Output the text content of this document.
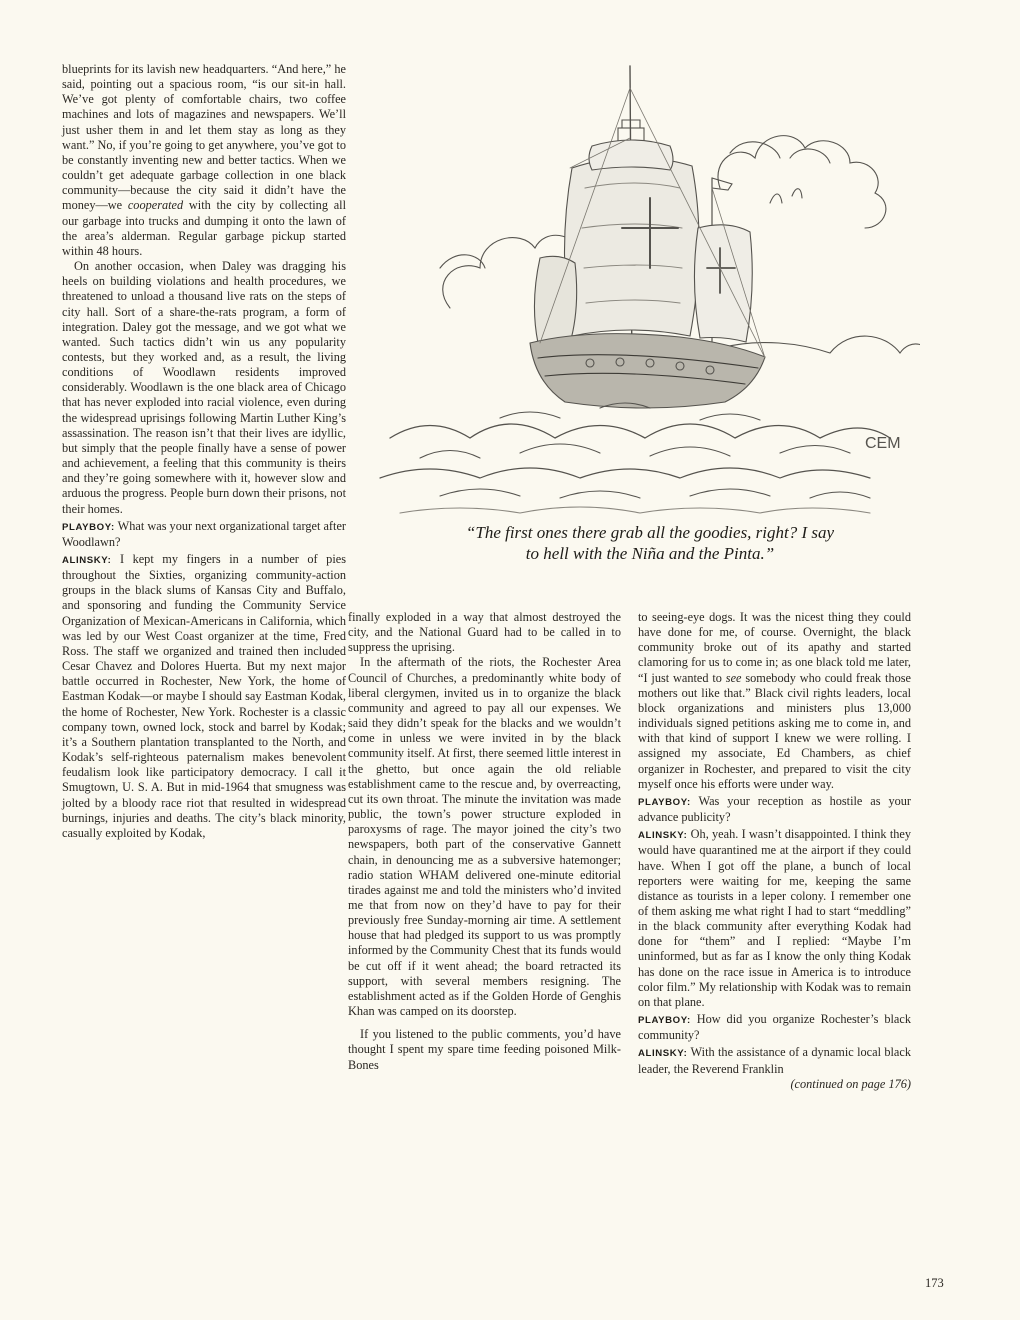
blueprints for its lavish new headquarters. “And here,” he said, pointing out a spacious room, “is our sit-in hall. We’ve got plenty of comfortable chairs, two coffee machines and lots of magazines and newspapers. We’ll just usher them in and let them stay as long as they want.” No, if you’re going to get anywhere, you’ve got to be constantly inventing new and better tactics. When we couldn’t get adequate garbage collection in one black community—because the city said it didn’t have the money—we cooperated with the city by collecting all our garbage into trucks and dumping it onto the lawn of the area’s alderman. Regular garbage pickup started within 48 hours.

On another occasion, when Daley was dragging his heels on building violations and health procedures, we threatened to unload a thousand live rats on the steps of city hall. Sort of a share-the-rats program, a form of integration. Daley got the message, and we got what we wanted. Such tactics didn’t win us any popularity contests, but they worked and, as a result, the living conditions of Woodlawn residents improved considerably. Woodlawn is the one black area of Chicago that has never exploded into racial violence, even during the widespread uprisings following Martin Luther King’s assassination. The reason isn’t that their lives are idyllic, but simply that the people finally have a sense of power and achievement, a feeling that this community is theirs and they’re going somewhere with it, however slow and arduous the progress. People burn down their prisons, not their homes.

PLAYBOY: What was your next organizational target after Woodlawn?

ALINSKY: I kept my fingers in a number of pies throughout the Sixties, organizing community-action groups in the black slums of Kansas City and Buffalo, and sponsoring and funding the Community Service Organization of Mexican-Americans in California, which was led by our West Coast organizer at the time, Fred Ross. The staff we organized and trained then included Cesar Chavez and Dolores Huerta. But my next major battle occurred in Rochester, New York, the home of Eastman Kodak—or maybe I should say Eastman Kodak, the home of Rochester, New York. Rochester is a classic company town, owned lock, stock and barrel by Kodak; it’s a Southern plantation transplanted to the North, and Kodak’s self-righteous paternalism makes benevolent feudalism look like participatory democracy. I call it Smugtown, U. S. A. But in mid-1964 that smugness was jolted by a bloody race riot that resulted in widespread burnings, injuries and deaths. The city’s black minority, casually exploited by Kodak,

CEM
“The first ones there grab all the goodies, right? I say
to hell with the Niña and the Pinta.”

finally exploded in a way that almost destroyed the city, and the National Guard had to be called in to suppress the uprising.

In the aftermath of the riots, the Rochester Area Council of Churches, a predominantly white body of liberal clergymen, invited us in to organize the black community and agreed to pay all our expenses. We said they didn’t speak for the blacks and we wouldn’t come in unless we were invited in by the black community itself. At first, there seemed little interest in the ghetto, but once again the old reliable establishment came to the rescue and, by overreacting, cut its own throat. The minute the invitation was made public, the town’s power structure exploded in paroxysms of rage. The mayor joined the city’s two newspapers, both part of the conservative Gannett chain, in denouncing me as a subversive hatemonger; radio station WHAM delivered one-minute editorial tirades against me and told the ministers who’d invited me that from now on they’d have to pay for their previously free Sunday-morning air time. A settlement house that had pledged its support to us was promptly informed by the Community Chest that its funds would be cut off if it went ahead; the board retracted its support, with several members resigning. The establishment acted as if the Golden Horde of Genghis Khan was camped on its doorstep.

If you listened to the public comments, you’d have thought I spent my spare time feeding poisoned Milk-Bones

to seeing-eye dogs. It was the nicest thing they could have done for me, of course. Overnight, the black community broke out of its apathy and started clamoring for us to come in; as one black told me later, “I just wanted to see somebody who could freak those mothers out like that.” Black civil rights leaders, local block organizations and ministers plus 13,000 individuals signed petitions asking me to come in, and with that kind of support I knew we were rolling. I assigned my associate, Ed Chambers, as chief organizer in Rochester, and prepared to visit the city myself once his efforts were under way.

PLAYBOY: Was your reception as hostile as your advance publicity?

ALINSKY: Oh, yeah. I wasn’t disappointed. I think they would have quarantined me at the airport if they could have. When I got off the plane, a bunch of local reporters were waiting for me, keeping the same distance as tourists in a leper colony. I remember one of them asking me what right I had to start “meddling” in the black community after everything Kodak had done for “them” and I replied: “Maybe I’m uninformed, but as far as I know the only thing Kodak has done on the race issue in America is to introduce color film.” My relationship with Kodak was to remain on that plane.

PLAYBOY: How did you organize Rochester’s black community?

ALINSKY: With the assistance of a dynamic local black leader, the Reverend Franklin

(continued on page 176)
173
